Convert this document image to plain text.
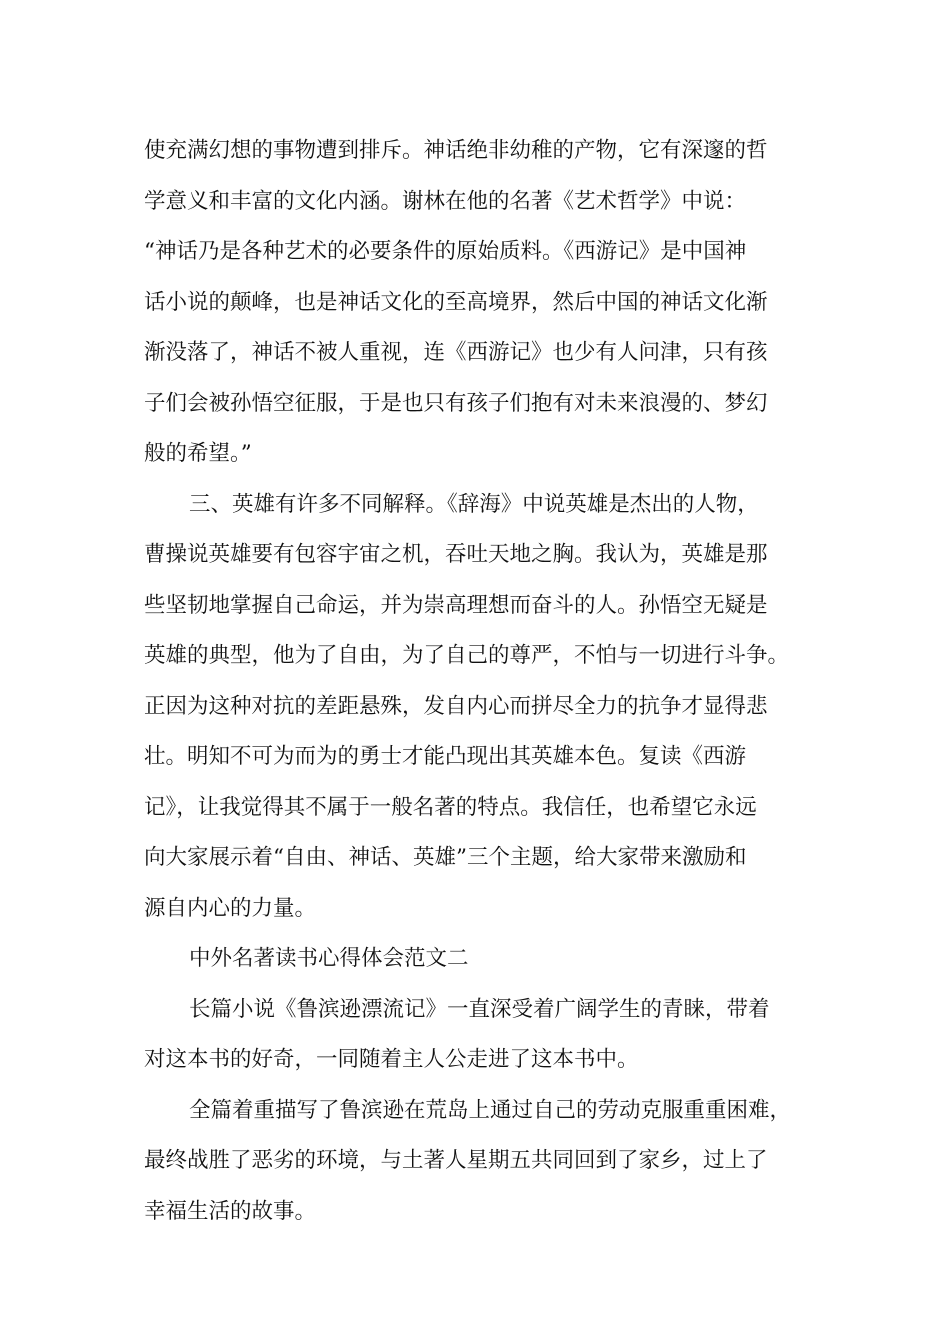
使充满幻想的事物遭到排斥。神话绝非幼稚的产物，它有深邃的哲
学意义和丰富的文化内涵。谢林在他的名著《艺术哲学》中说：
“神话乃是各种艺术的必要条件的原始质料。《西游记》是中国神
话小说的颠峰，也是神话文化的至高境界，然后中国的神话文化渐
渐没落了，神话不被人重视，连《西游记》也少有人问津，只有孩
子们会被孙悟空征服，于是也只有孩子们抱有对未来浪漫的、梦幻
般的希望。”
三、英雄有许多不同解释。《辞海》中说英雄是杰出的人物，
曹操说英雄要有包容宇宙之机，吞吐天地之胸。我认为，英雄是那
些坚韧地掌握自己命运，并为崇高理想而奋斗的人。孙悟空无疑是
英雄的典型，他为了自由，为了自己的尊严，不怕与一切进行斗争。
正因为这种对抗的差距悬殊，发自内心而拼尽全力的抗争才显得悲
壮。明知不可为而为的勇士才能凸现出其英雄本色。复读《西游
记》，让我觉得其不属于一般名著的特点。我信任，也希望它永远
向大家展示着“自由、神话、英雄”三个主题，给大家带来激励和
源自内心的力量。
中外名著读书心得体会范文二
长篇小说《鲁滨逊漂流记》一直深受着广阔学生的青睐，带着
对这本书的好奇，一同随着主人公走进了这本书中。
全篇着重描写了鲁滨逊在荒岛上通过自己的劳动克服重重困难，
最终战胜了恶劣的环境，与土著人星期五共同回到了家乡，过上了
幸福生活的故事。
